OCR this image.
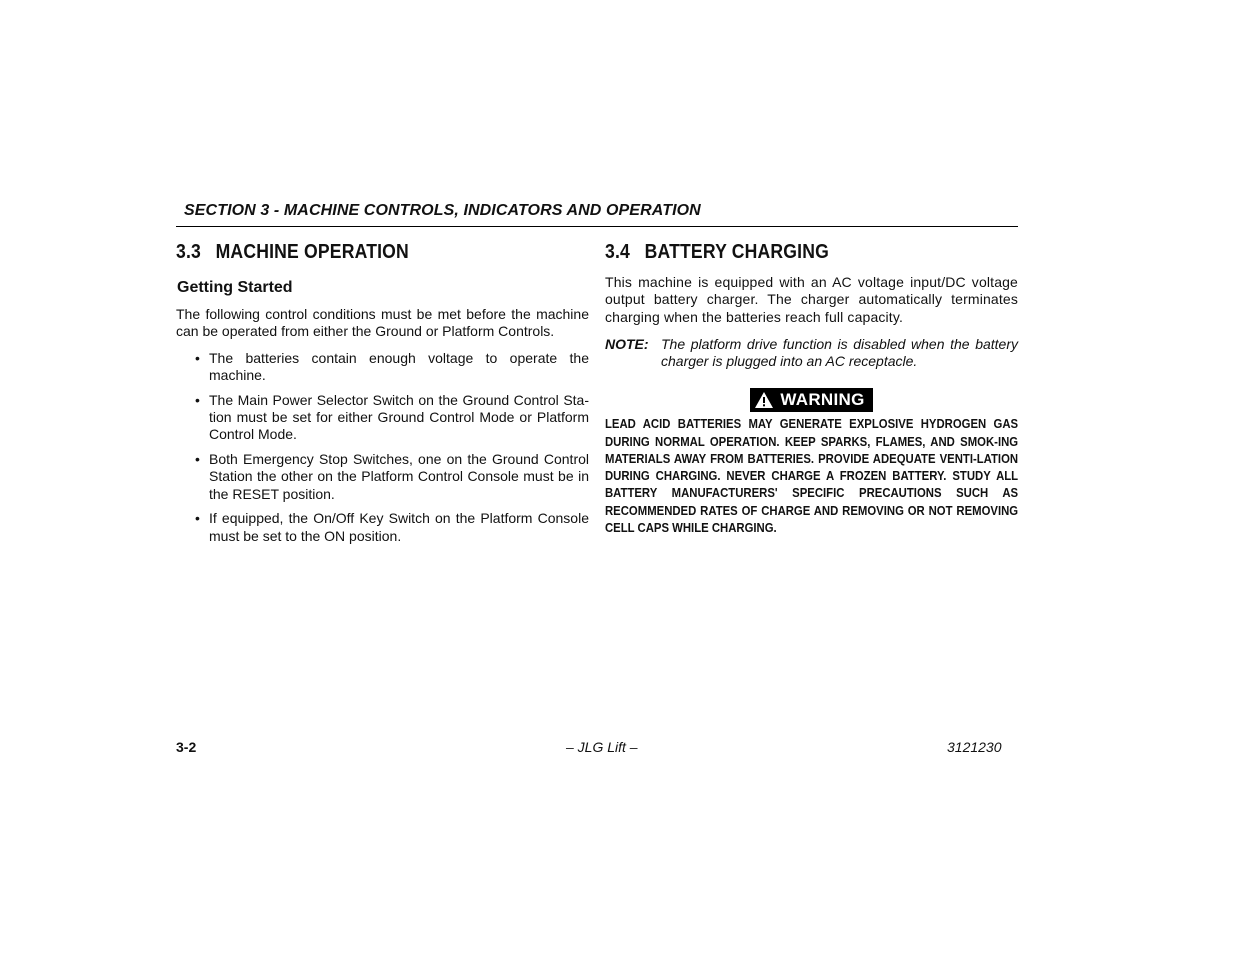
SECTION 3 - MACHINE CONTROLS, INDICATORS AND OPERATION
3.3 MACHINE OPERATION
Getting Started

The following control conditions must be met before the machine can be operated from either the Ground or Platform Controls.

• The batteries contain enough voltage to operate the machine.
• The Main Power Selector Switch on the Ground Control Sta-tion must be set for either Ground Control Mode or Platform Control Mode.
• Both Emergency Stop Switches, one on the Ground Control Station the other on the Platform Control Console must be in the RESET position.
• If equipped, the On/Off Key Switch on the Platform Console must be set to the ON position.
3.4 BATTERY CHARGING

This machine is equipped with an AC voltage input/DC voltage output battery charger. The charger automatically terminates charging when the batteries reach full capacity.

NOTE: The platform drive function is disabled when the battery charger is plugged into an AC receptacle.
WARNING
LEAD ACID BATTERIES MAY GENERATE EXPLOSIVE HYDROGEN GAS DURING NORMAL OPERATION. KEEP SPARKS, FLAMES, AND SMOK-ING MATERIALS AWAY FROM BATTERIES. PROVIDE ADEQUATE VENTI-LATION DURING CHARGING. NEVER CHARGE A FROZEN BATTERY. STUDY ALL BATTERY MANUFACTURERS' SPECIFIC PRECAUTIONS SUCH AS RECOMMENDED RATES OF CHARGE AND REMOVING OR NOT REMOVING CELL CAPS WHILE CHARGING.
3-2	– JLG Lift –	3121230
